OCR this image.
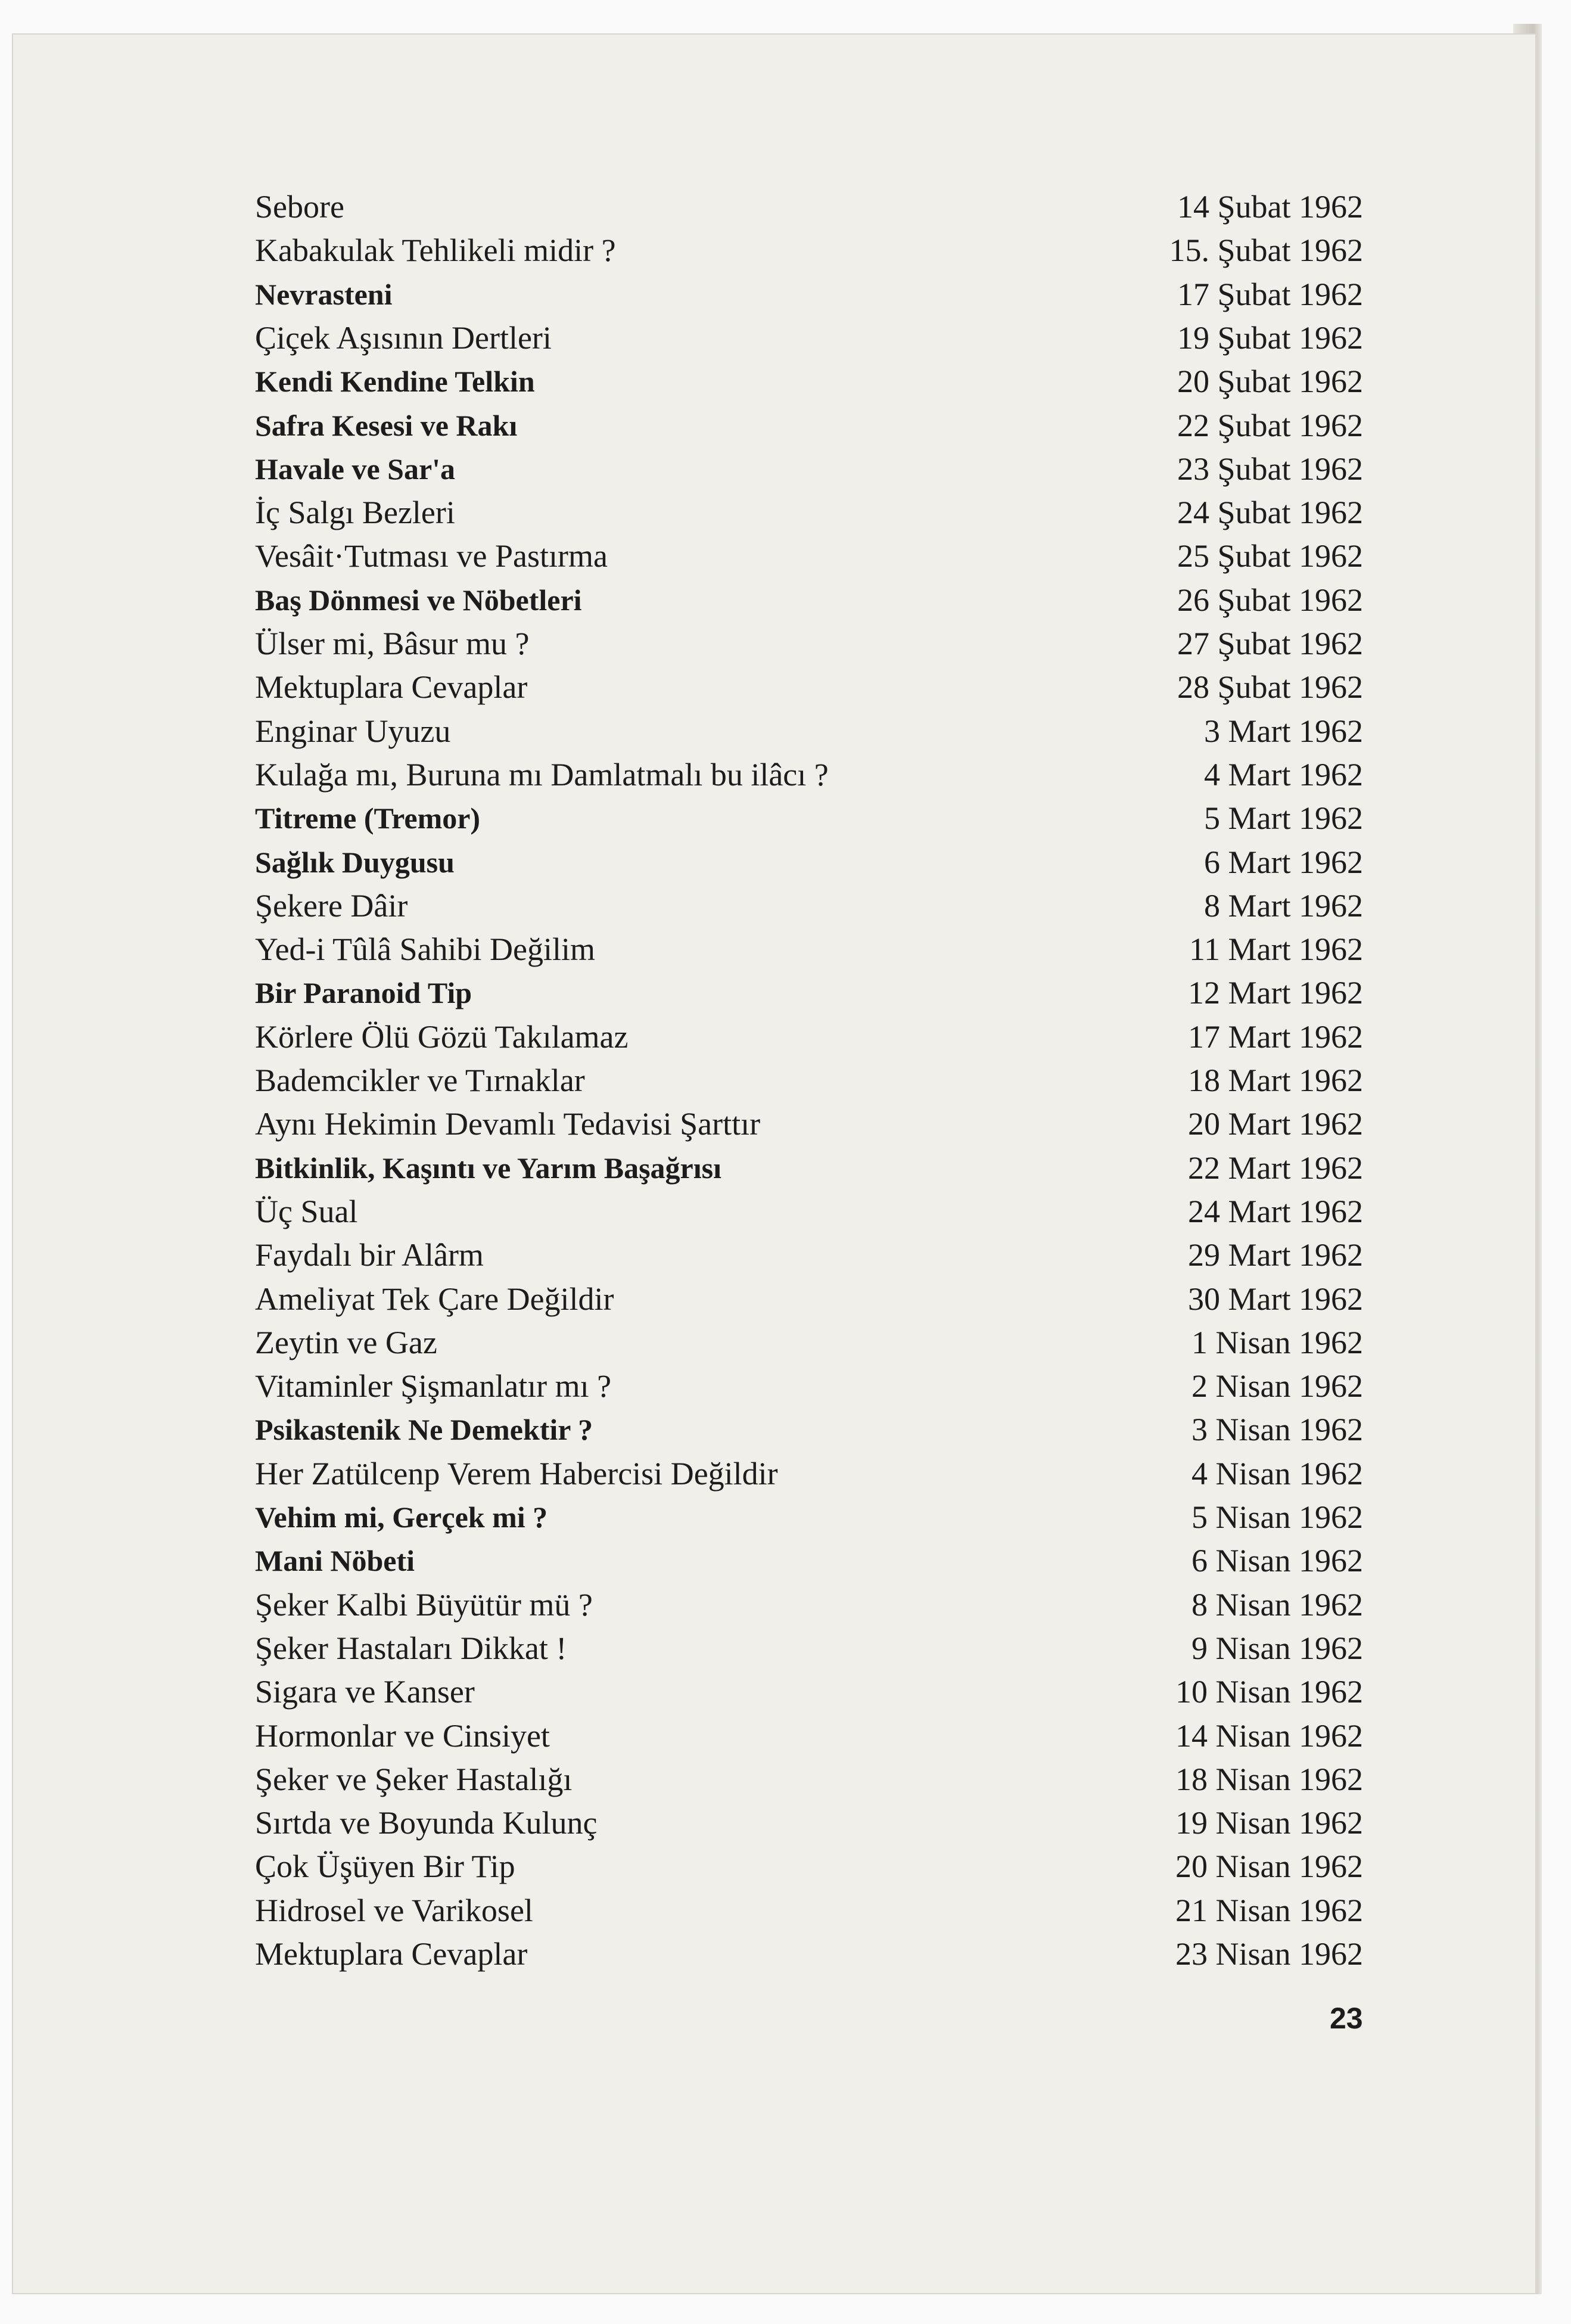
Sebore	14 Şubat 1962
Kabakulak Tehlikeli midir ?	15. Şubat 1962
Nevrasteni	17 Şubat 1962
Çiçek Aşısının Dertleri	19 Şubat 1962
Kendi Kendine Telkin	20 Şubat 1962
Safra Kesesi ve Rakı	22 Şubat 1962
Havale ve Sar'a	23 Şubat 1962
İç Salgı Bezleri	24 Şubat 1962
Vesâit·Tutması ve Pastırma	25 Şubat 1962
Baş Dönmesi ve Nöbetleri	26 Şubat 1962
Ülser mi, Bâsur mu ?	27 Şubat 1962
Mektuplara Cevaplar	28 Şubat 1962
Enginar Uyuzu	3 Mart 1962
Kulağa mı, Buruna mı Damlatmalı bu ilâcı ?	4 Mart 1962
Titreme (Tremor)	5 Mart 1962
Sağlık Duygusu	6 Mart 1962
Şekere Dâir	8 Mart 1962
Yed-i Tûlâ Sahibi Değilim	11 Mart 1962
Bir Paranoid Tip	12 Mart 1962
Körlere Ölü Gözü Takılamaz	17 Mart 1962
Bademcikler ve Tırnaklar	18 Mart 1962
Aynı Hekimin Devamlı Tedavisi Şarttır	20 Mart 1962
Bitkinlik, Kaşıntı ve Yarım Başağrısı	22 Mart 1962
Üç Sual	24 Mart 1962
Faydalı bir Alârm	29 Mart 1962
Ameliyat Tek Çare Değildir	30 Mart 1962
Zeytin ve Gaz	1 Nisan 1962
Vitaminler Şişmanlatır mı ?	2 Nisan 1962
Psikastenik Ne Demektir ?	3 Nisan 1962
Her Zatülcenp Verem Habercisi Değildir	4 Nisan 1962
Vehim mi, Gerçek mi ?	5 Nisan 1962
Mani Nöbeti	6 Nisan 1962
Şeker Kalbi Büyütür mü ?	8 Nisan 1962
Şeker Hastaları Dikkat !	9 Nisan 1962
Sigara ve Kanser	10 Nisan 1962
Hormonlar ve Cinsiyet	14 Nisan 1962
Şeker ve Şeker Hastalığı	18 Nisan 1962
Sırtda ve Boyunda Kulunç	19 Nisan 1962
Çok Üşüyen Bir Tip	20 Nisan 1962
Hidrosel ve Varikosel	21 Nisan 1962
Mektuplara Cevaplar	23 Nisan 1962
23
